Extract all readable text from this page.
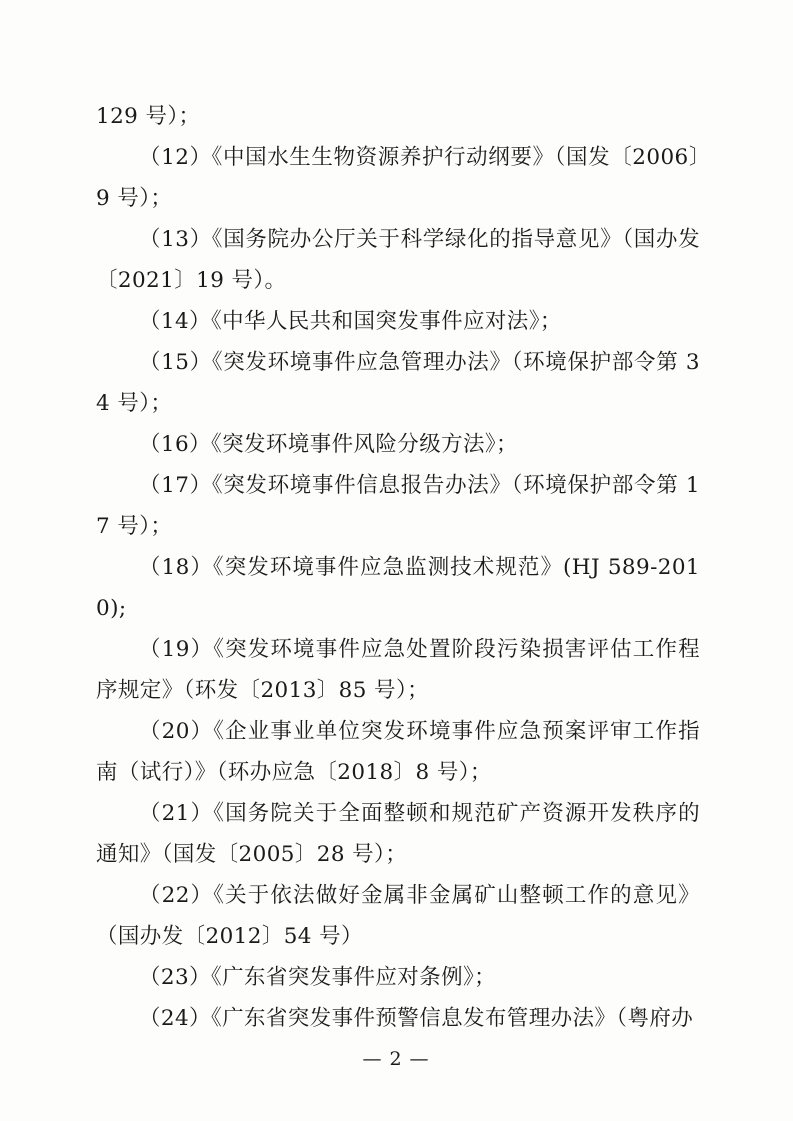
129 号）；

（12）《中国水生生物资源养护行动纲要》（国发〔2006〕9 号）；

（13）《国务院办公厅关于科学绿化的指导意见》（国办发〔2021〕19 号）。

（14）《中华人民共和国突发事件应对法》；

（15）《突发环境事件应急管理办法》（环境保护部令第 34 号）；

（16）《突发环境事件风险分级方法》；

（17）《突发环境事件信息报告办法》（环境保护部令第 17 号）；

（18）《突发环境事件应急监测技术规范》(HJ 589-2010);

（19）《突发环境事件应急处置阶段污染损害评估工作程序规定》（环发〔2013〕85 号）；

（20）《企业事业单位突发环境事件应急预案评审工作指南（试行）》（环办应急〔2018〕8 号）；

（21）《国务院关于全面整顿和规范矿产资源开发秩序的通知》（国发〔2005〕28 号）；

（22）《关于依法做好金属非金属矿山整顿工作的意见》（国办发〔2012〕54 号）

（23）《广东省突发事件应对条例》；

（24）《广东省突发事件预警信息发布管理办法》（粤府办

— 2 —
